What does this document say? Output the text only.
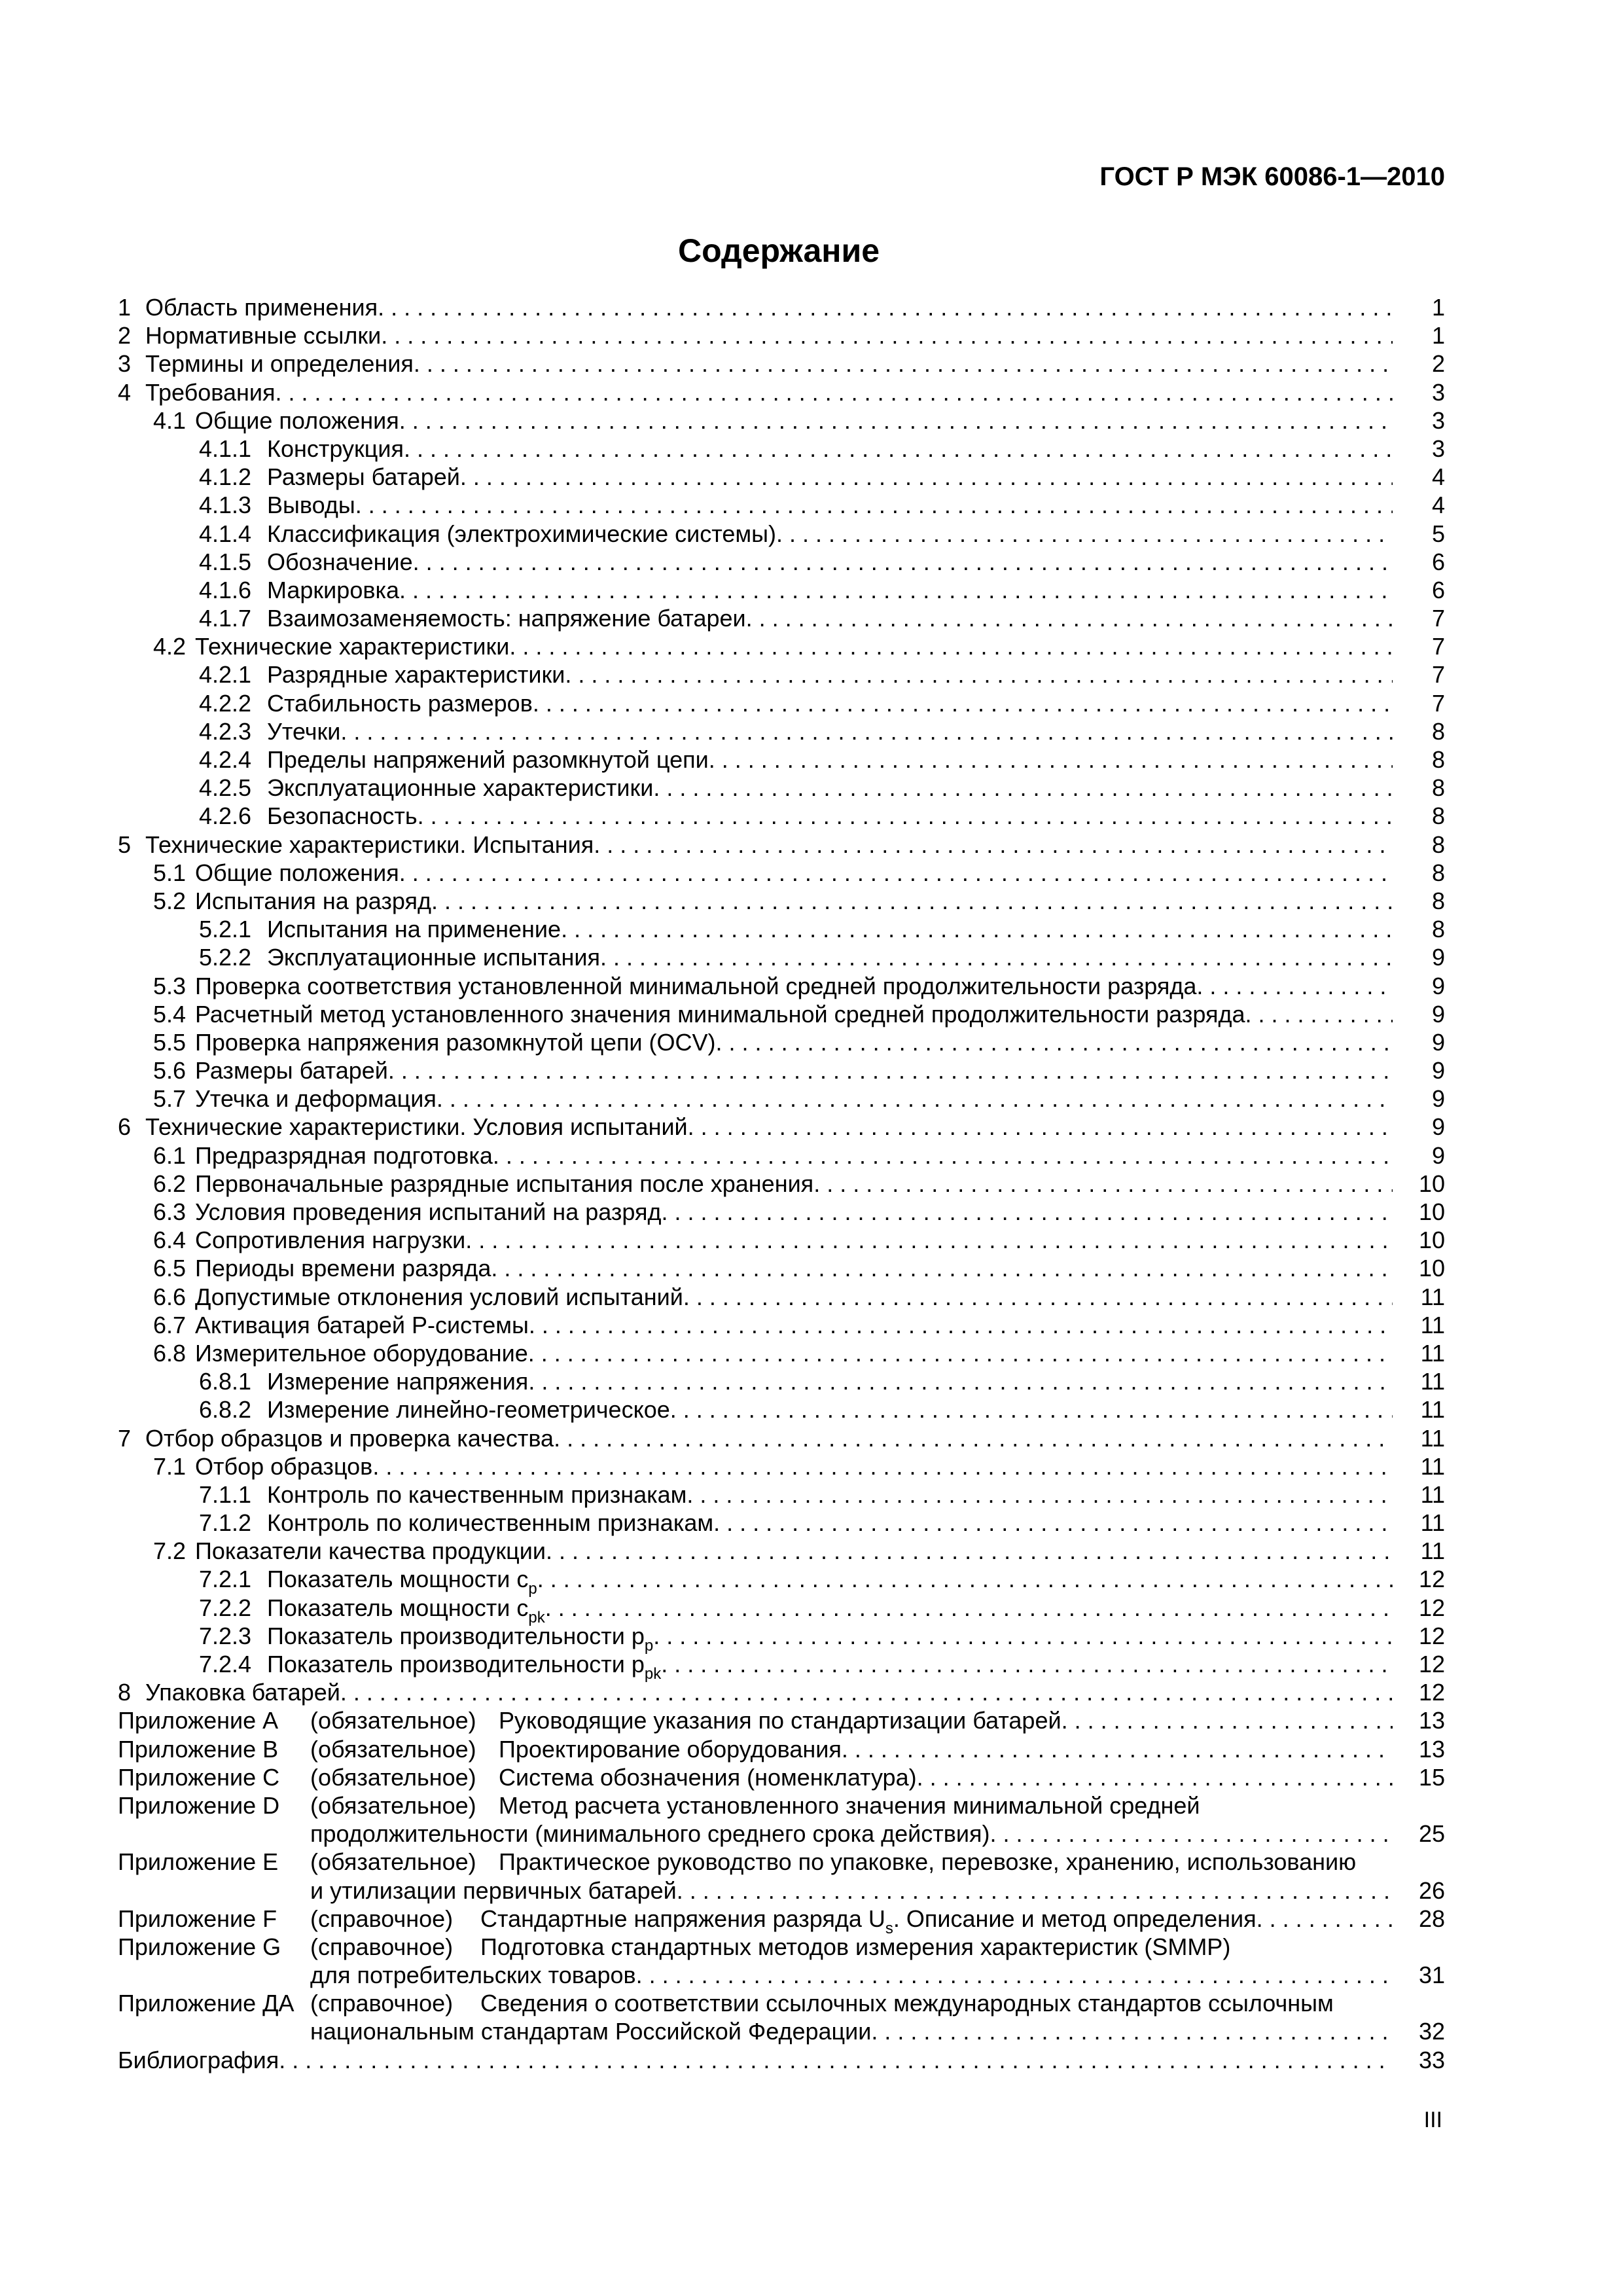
ГОСТ Р МЭК 60086-1—2010
Содержание
1 Область применения . .	1
2 Нормативные ссылки . .	1
3 Термины и определения . .	2
4 Требования . .	3
4.1 Общие положения . .	3
4.1.1 Конструкция . .	3
4.1.2 Размеры батарей . .	4
4.1.3 Выводы . .	4
4.1.4 Классификация (электрохимические системы) . .	5
4.1.5 Обозначение . .	6
4.1.6 Маркировка . .	6
4.1.7 Взаимозаменяемость: напряжение батареи . .	7
4.2 Технические характеристики . .	7
4.2.1 Разрядные характеристики . .	7
4.2.2 Стабильность размеров . .	7
4.2.3 Утечки . .	8
4.2.4 Пределы напряжений разомкнутой цепи . .	8
4.2.5 Эксплуатационные характеристики . .	8
4.2.6 Безопасность . .	8
5 Технические характеристики. Испытания . .	8
5.1 Общие положения . .	8
5.2 Испытания на разряд . .	8
5.2.1 Испытания на применение . .	8
5.2.2 Эксплуатационные испытания . .	9
5.3 Проверка соответствия установленной минимальной средней продолжительности разряда . .	9
5.4 Расчетный метод установленного значения минимальной средней продолжительности разряда . .	9
5.5 Проверка напряжения разомкнутой цепи (OCV) . .	9
5.6 Размеры батарей . .	9
5.7 Утечка и деформация . .	9
6 Технические характеристики. Условия испытаний . .	9
6.1 Предразрядная подготовка . .	9
6.2 Первоначальные разрядные испытания после хранения . .	10
6.3 Условия проведения испытаний на разряд . .	10
6.4 Сопротивления нагрузки . .	10
6.5 Периоды времени разряда . .	10
6.6 Допустимые отклонения условий испытаний . .	11
6.7 Активация батарей Р-системы . .	11
6.8 Измерительное оборудование . .	11
6.8.1 Измерение напряжения . .	11
6.8.2 Измерение линейно-геометрическое . .	11
7 Отбор образцов и проверка качества . .	11
7.1 Отбор образцов . .	11
7.1.1 Контроль по качественным признакам . .	11
7.1.2 Контроль по количественным признакам . .	11
7.2 Показатели качества продукции . .	11
7.2.1 Показатель мощности $c_p$ . .	12
7.2.2 Показатель мощности $c_{pk}$ . .	12
7.2.3 Показатель производительности $p_p$ . .	12
7.2.4 Показатель производительности $p_{pk}$ . .	12
8 Упаковка батарей . .	12
Приложение А (обязательное) Руководящие указания по стандартизации батарей . .	13
Приложение В (обязательное) Проектирование оборудования . .	13
Приложение С (обязательное) Система обозначения (номенклатура) . .	15
Приложение D (обязательное) Метод расчета установленного значения минимальной средней
продолжительности (минимального среднего срока действия) . .	25
Приложение Е (обязательное) Практическое руководство по упаковке, перевозке, хранению, использованию
и утилизации первичных батарей . .	26
Приложение F (справочное) Стандартные напряжения разряда $U_s$. Описание и метод определения . .	28
Приложение G (справочное) Подготовка стандартных методов измерения характеристик (SMMP)
для потребительских товаров . .	31
Приложение ДА (справочное) Сведения о соответствии ссылочных международных стандартов ссылочным
национальным стандартам Российской Федерации . .	32
Библиография . .	33
III
